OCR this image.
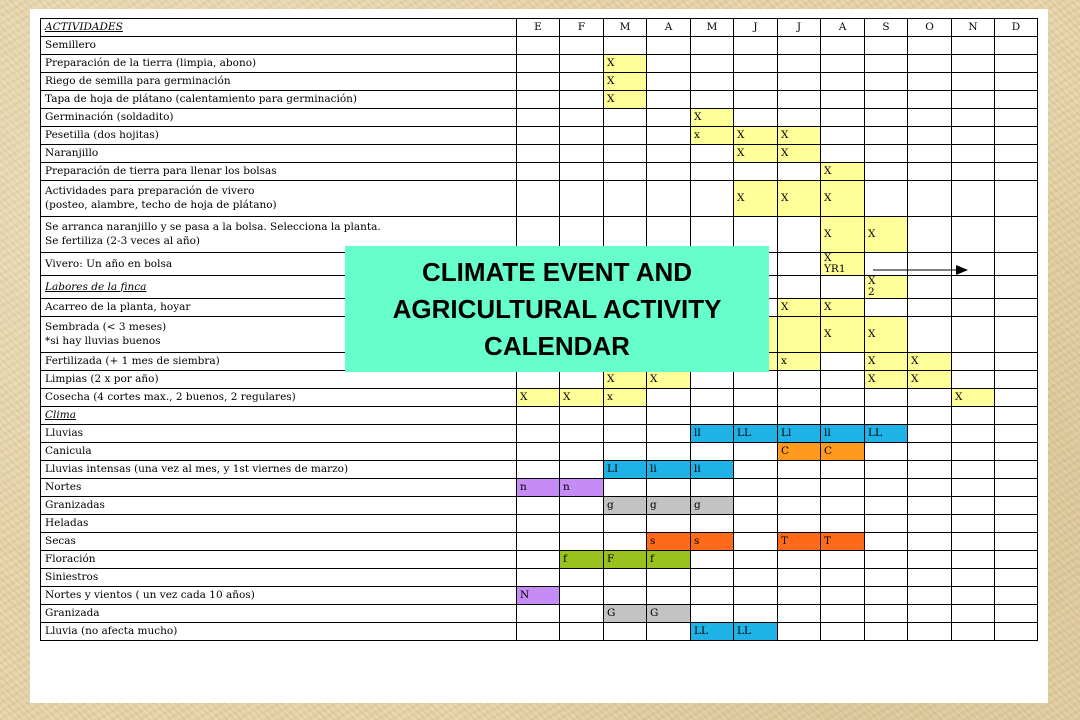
ACTIVIDADES	E	F	M	A	M	J	J	A	S	O	N	D

Semillero												

Preparación de la tierra (limpia, abono)			X									

Riego de semilla para germinación			X									

Tapa de hoja de plátano (calentamiento para germinación)			X									

Germinación (soldadito)					X							

Pesetilla (dos hojitas)					x	X	X					

Naranjillo						X	X					

Preparación de tierra para llenar los bolsas								X				

Actividades para preparación de vivero
(posteo, alambre, techo de hoja de plátano)						X	X	X				

Se arranca naranjillo y se pasa a la bolsa. Selecciona la planta.
Se fertiliza (2-3 veces al año)								X	X			

Vivero: Un año en bolsa								X
YR1				

Labores de la finca									X
2			

Acarreo de la planta, hoyar							X	X				

Sembrada (< 3 meses)
*si hay lluvias buenos								X	X			

Fertilizada (+ 1 mes de siembra)							x		X	X		

Limpias (2 x por año)			X	X					X	X		

Cosecha (4 cortes max., 2 buenos, 2 regulares)	X	X	x								X	

Clima												

Lluvias					ll	LL	Ll	ll	LL			

Canicula							C	C				

Lluvias intensas (una vez al mes, y 1st viernes de marzo)			LI	li	li							

Nortes	n	n										

Granizadas			g	g	g							

Heladas												

Secas				s	s		T	T				

Floración		f	F	f								

Siniestros												

Nortes y vientos ( un vez cada 10 años)	N											

Granizada			G	G								

Lluvia (no afecta mucho)					LL	LL						

CLIMATE EVENT AND
AGRICULTURAL ACTIVITY
CALENDAR
